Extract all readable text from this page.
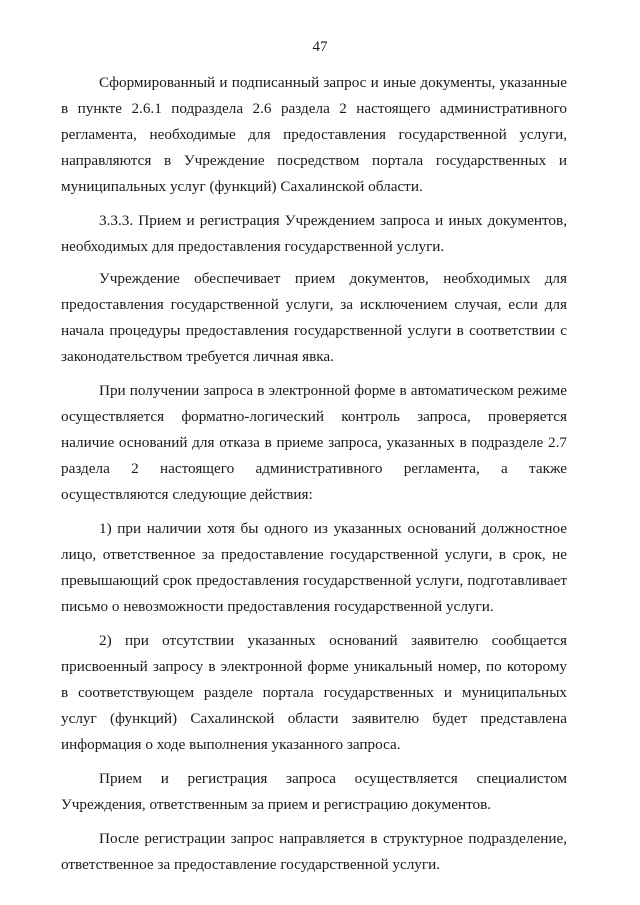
47

Сформированный и подписанный запрос и иные документы, указанные в пункте 2.6.1 подраздела 2.6 раздела 2 настоящего административного регламента, необходимые для предоставления государственной услуги, направляются в Учреждение посредством портала государственных и муниципальных услуг (функций) Сахалинской области.

3.3.3. Прием и регистрация Учреждением запроса и иных документов, необходимых для предоставления государственной услуги.

Учреждение обеспечивает прием документов, необходимых для предоставления государственной услуги, за исключением случая, если для начала процедуры предоставления государственной услуги в соответствии с законодательством требуется личная явка.

При получении запроса в электронной форме в автоматическом режиме осуществляется форматно-логический контроль запроса, проверяется наличие оснований для отказа в приеме запроса, указанных в подразделе 2.7 раздела 2 настоящего административного регламента, а также осуществляются следующие действия:

1) при наличии хотя бы одного из указанных оснований должностное лицо, ответственное за предоставление государственной услуги, в срок, не превышающий срок предоставления государственной услуги, подготавливает письмо о невозможности предоставления государственной услуги.

2) при отсутствии указанных оснований заявителю сообщается присвоенный запросу в электронной форме уникальный номер, по которому в соответствующем разделе портала государственных и муниципальных услуг (функций) Сахалинской области заявителю будет представлена информация о ходе выполнения указанного запроса.

Прием и регистрация запроса осуществляется специалистом Учреждения, ответственным за прием и регистрацию документов.

После регистрации запрос направляется в структурное подразделение, ответственное за предоставление государственной услуги.
